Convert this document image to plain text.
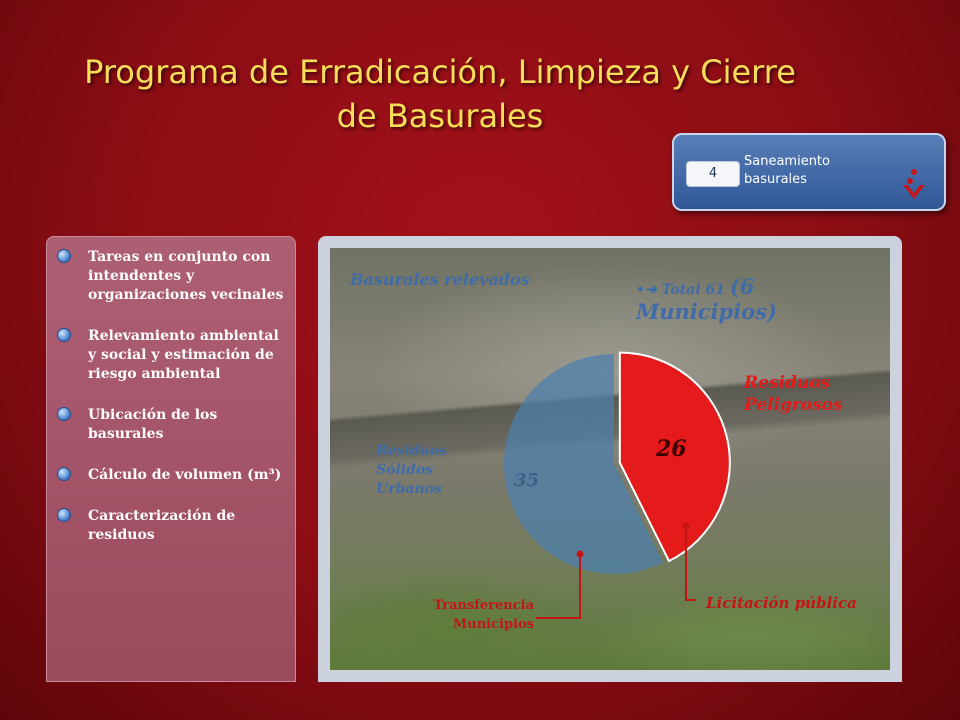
Programa de Erradicación, Limpieza y Cierre de Basurales
4
Saneamiento basurales
Tareas en conjunto con intendentes y organizaciones vecinales
Relevamiento ambiental y social y estimación de riesgo ambiental
Ubicación de los basurales
Cálculo de volumen (m³)
Caracterización de residuos
Basurales relevados
•➔ Total 61 (6 Municipios)
Residuos Peligrosos
Residuos Sólidos Urbanos
26
35
Licitación pública
Transferencia Municipios
